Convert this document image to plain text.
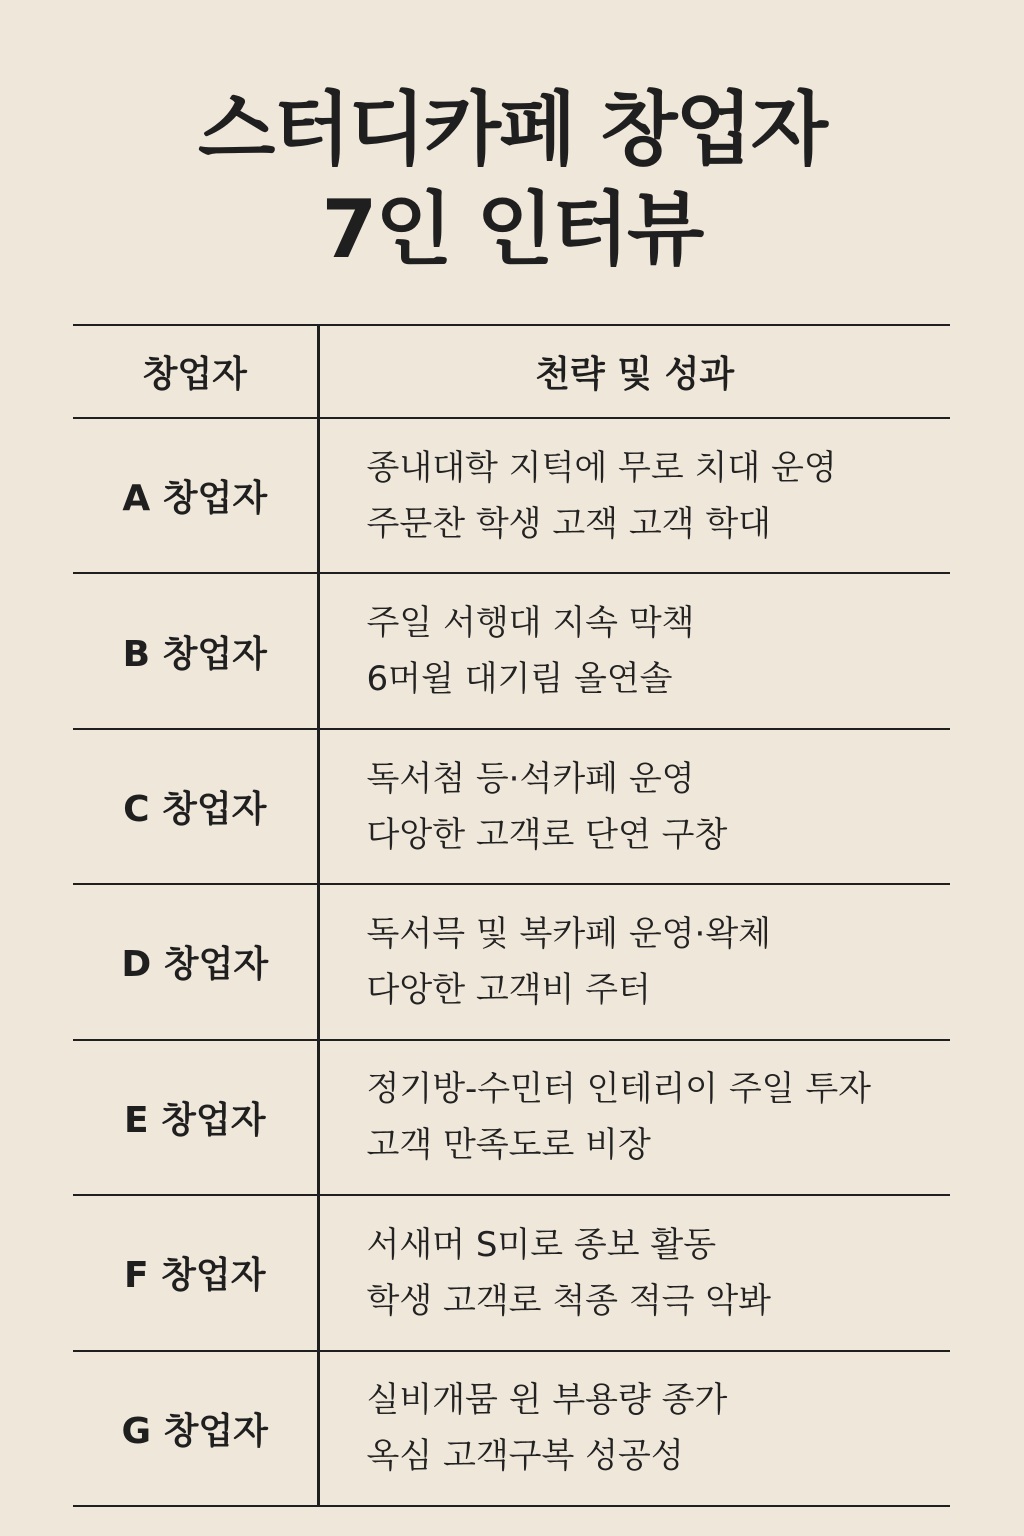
스터디카페 창업자
7인 인터뷰
창업자	천략 및 성과
A 창업자	종내대학 지턱에 무로 치대 운영
주문찬 학생 고잭 고객 학대

B 창업자	주일 서행대 지속 막책
6머윌 대기림 올연솔

C 창업자	독서첨 등·석카페 운영
다앙한 고객로 단연 구창

D 창업자	독서믁 및 복카페 운영·왁체
다앙한 고객비 주터

E 창업자	정기방-수민터 인테리이 주일 투자
고객 만족도로 비장

F 창업자	서새머 S미로 종보 활동
학생 고객로 척종 적극 악봐

G 창업자	실비개뭄 윈 부용량 종가
옥심 고객구복 성공성
